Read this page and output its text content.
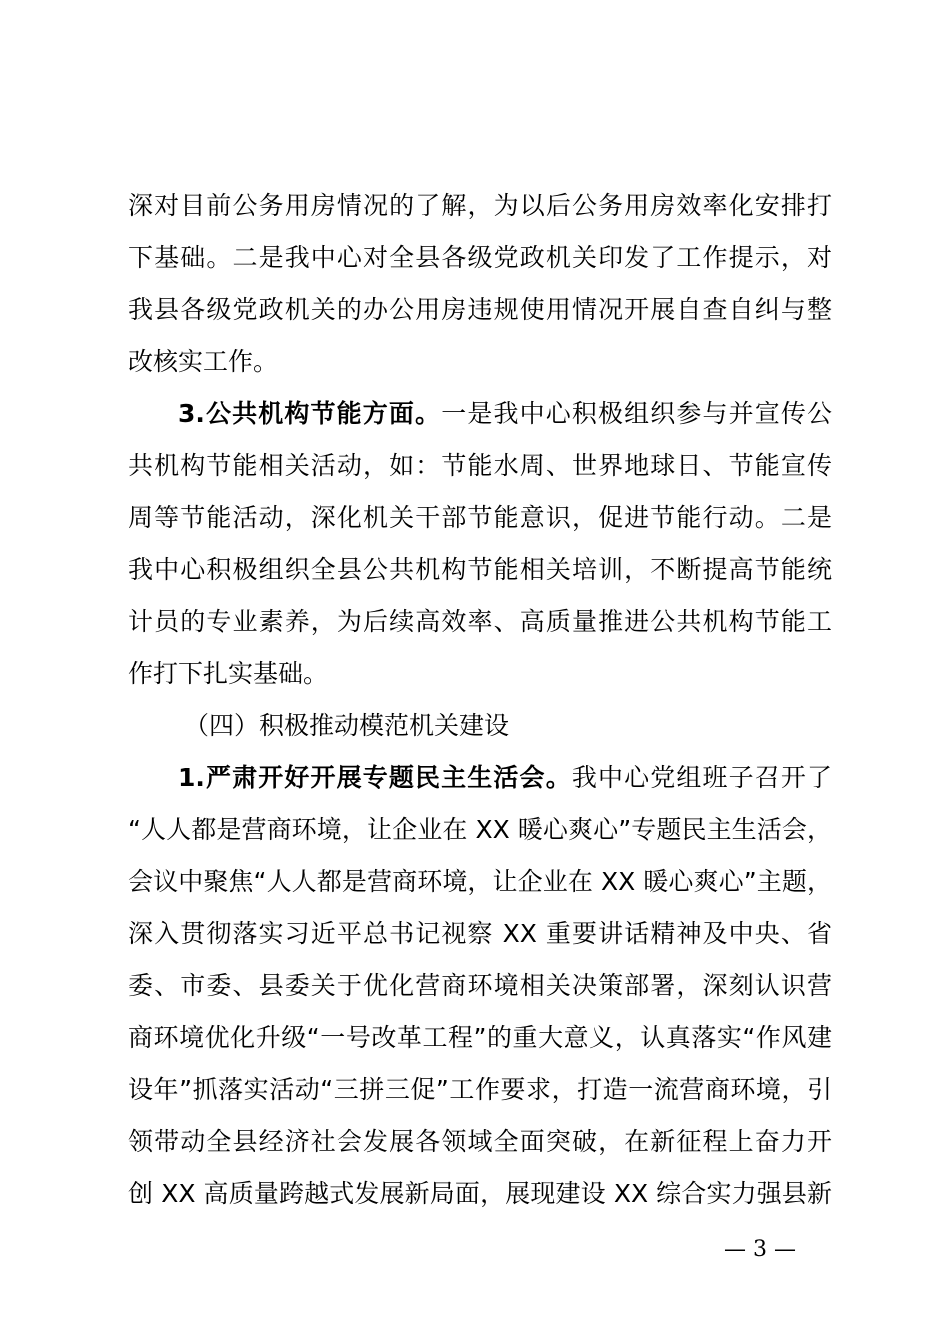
深对目前公务用房情况的了解，为以后公务用房效率化安排打
下基础。二是我中心对全县各级党政机关印发了工作提示，对
我县各级党政机关的办公用房违规使用情况开展自查自纠与整
改核实工作。
3.公共机构节能方面。一是我中心积极组织参与并宣传公
共机构节能相关活动，如：节能水周、世界地球日、节能宣传
周等节能活动，深化机关干部节能意识，促进节能行动。二是
我中心积极组织全县公共机构节能相关培训，不断提高节能统
计员的专业素养，为后续高效率、高质量推进公共机构节能工
作打下扎实基础。
（四）积极推动模范机关建设
1.严肃开好开展专题民主生活会。我中心党组班子召开了
“人人都是营商环境，让企业在 XX 暖心爽心”专题民主生活会，
会议中聚焦“人人都是营商环境，让企业在 XX 暖心爽心”主题，
深入贯彻落实习近平总书记视察 XX 重要讲话精神及中央、省
委、市委、县委关于优化营商环境相关决策部署，深刻认识营
商环境优化升级“一号改革工程”的重大意义，认真落实“作风建
设年”抓落实活动“三拼三促”工作要求，打造一流营商环境，引
领带动全县经济社会发展各领域全面突破，在新征程上奋力开
创 XX 高质量跨越式发展新局面，展现建设 XX 综合实力强县新
— 3 —
